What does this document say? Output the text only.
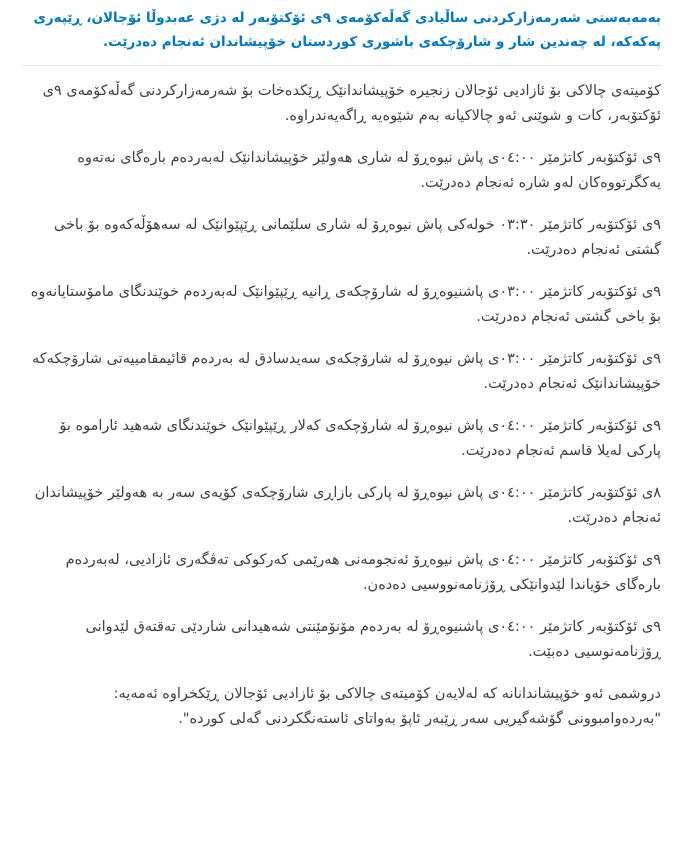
بەمەبەستی شەرمەزارکردنی ساڵیادی گەڵەکۆمەی ٩ی ئۆکتۆبەر لە دژی عەبدوڵا ئۆجالان، ڕێپەری پەکەکە، لە چەندین شار و شارۆچکەی باشوری کوردستان خۆپیشاندان ئەنجام دەدرێت.

کۆمیتەی چالاکی بۆ ئازادیی ئۆجالان زنجیرە خۆپیشاندانێک ڕێکدەخات بۆ شەرمەزارکردنی گەڵەکۆمەی ٩ی ئۆکتۆبەر، کات و شوێنی ئەو چالاکیانە بەم شێوەیە ڕاگەیەندراوە.

٩ی ئۆکتۆبەر کاتژمێر ٠٤:٠٠ی پاش نیوەڕۆ لە شاری هەولێر خۆپیشاندانێک لەبەردەم بارەگای نەتەوە یەکگرتووەکان لەو شارە ئەنجام دەدرێت.

٩ی ئۆکتۆبەر کاتژمێر ٠٣:٣٠ خولەکی پاش نیوەڕۆ لە شاری سلێمانی ڕێپێوانێک لە سەهۆڵەکەوە بۆ باخی گشتی ئەنجام دەدرێت.

٩ی ئۆکتۆبەر کاتژمێر ٠٣:٠٠ی پاشنیوەڕۆ لە شارۆچکەی ڕانیە ڕێپێوانێک لەبەردەم خوێندنگای مامۆستایانەوە بۆ باخی گشتی ئەنجام دەدرێت.

٩ی ئۆکتۆبەر کاتژمێر ٠٣:٠٠ی پاش نیوەڕۆ لە شارۆچکەی سەیدسادق لە بەردەم قائیمقامییەتی شارۆچکەکە خۆپیشاندانێک ئەنجام دەدرێت.

٩ی ئۆکتۆبەر کاتژمێر ٠٤:٠٠ی پاش نیوەڕۆ لە شارۆچکەی کەلار ڕێپێوانێک خوێندنگای شەهید ئاراموە بۆ پارکی لەیلا قاسم ئەنجام دەدرێت.

٨ی ئۆکتۆبەر کاتژمێر ٠٤:٠٠ی پاش نیوەڕۆ لە پارکی بازاڕی شارۆچکەی کۆیەی سەر بە هەولێر خۆپیشاندان ئەنجام دەدرێت.

٩ی ئۆکتۆبەر کاتژمێر ٠٤:٠٠ی پاش نیوەڕۆ ئەنجومەنی هەرێمی کەرکوکی تەڤگەری ئازادیی، لەبەردەم بارەگای خۆیاندا لێدوانێکی ڕۆژنامەنووسیی دەدەن.

٩ی ئۆکتۆبەر کاتژمێر ٠٤:٠٠ی پاشنیوەڕۆ لە بەردەم مۆنۆمێنتی شەهیدانی شاردێی تەقتەق لێدوانی ڕۆژنامەنوسیی دەبێت.

دروشمی ئەو خۆپیشاندانانە کە لەلایەن کۆمیتەی چالاکی بۆ ئازادیی ئۆجالان ڕێکخراوە ئەمەیە: "بەردەوامبوونی گۆشەگیریی سەر ڕێبەر ئاپۆ بەواتای ئاستەنگکردنی گەلی کوردە".
